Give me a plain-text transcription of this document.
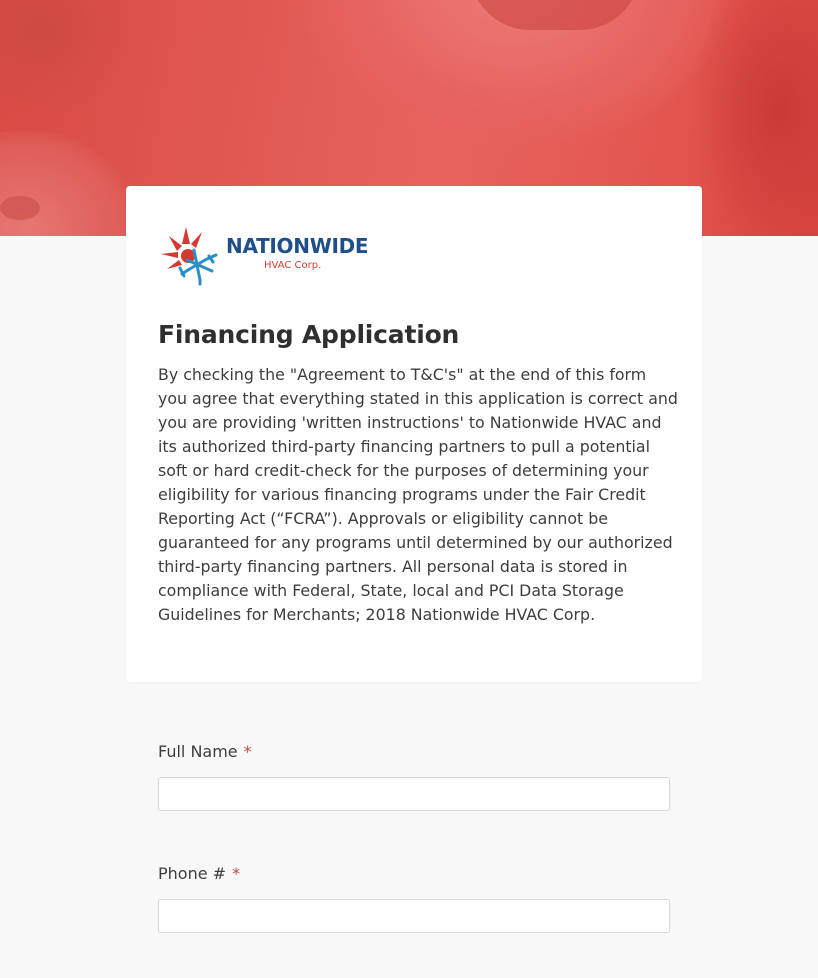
NATIONWIDE
HVAC Corp.
Financing Application

By checking the "Agreement to T&C's" at the end of this form you agree that everything stated in this application is correct and you are providing 'written instructions' to Nationwide HVAC and its authorized third-party financing partners to pull a potential soft or hard credit-check for the purposes of determining your eligibility for various financing programs under the Fair Credit Reporting Act (“FCRA”). Approvals or eligibility cannot be guaranteed for any programs until determined by our authorized third-party financing partners. All personal data is stored in compliance with Federal, State, local and PCI Data Storage Guidelines for Merchants; 2018 Nationwide HVAC Corp.

Full Name *
Phone # *
